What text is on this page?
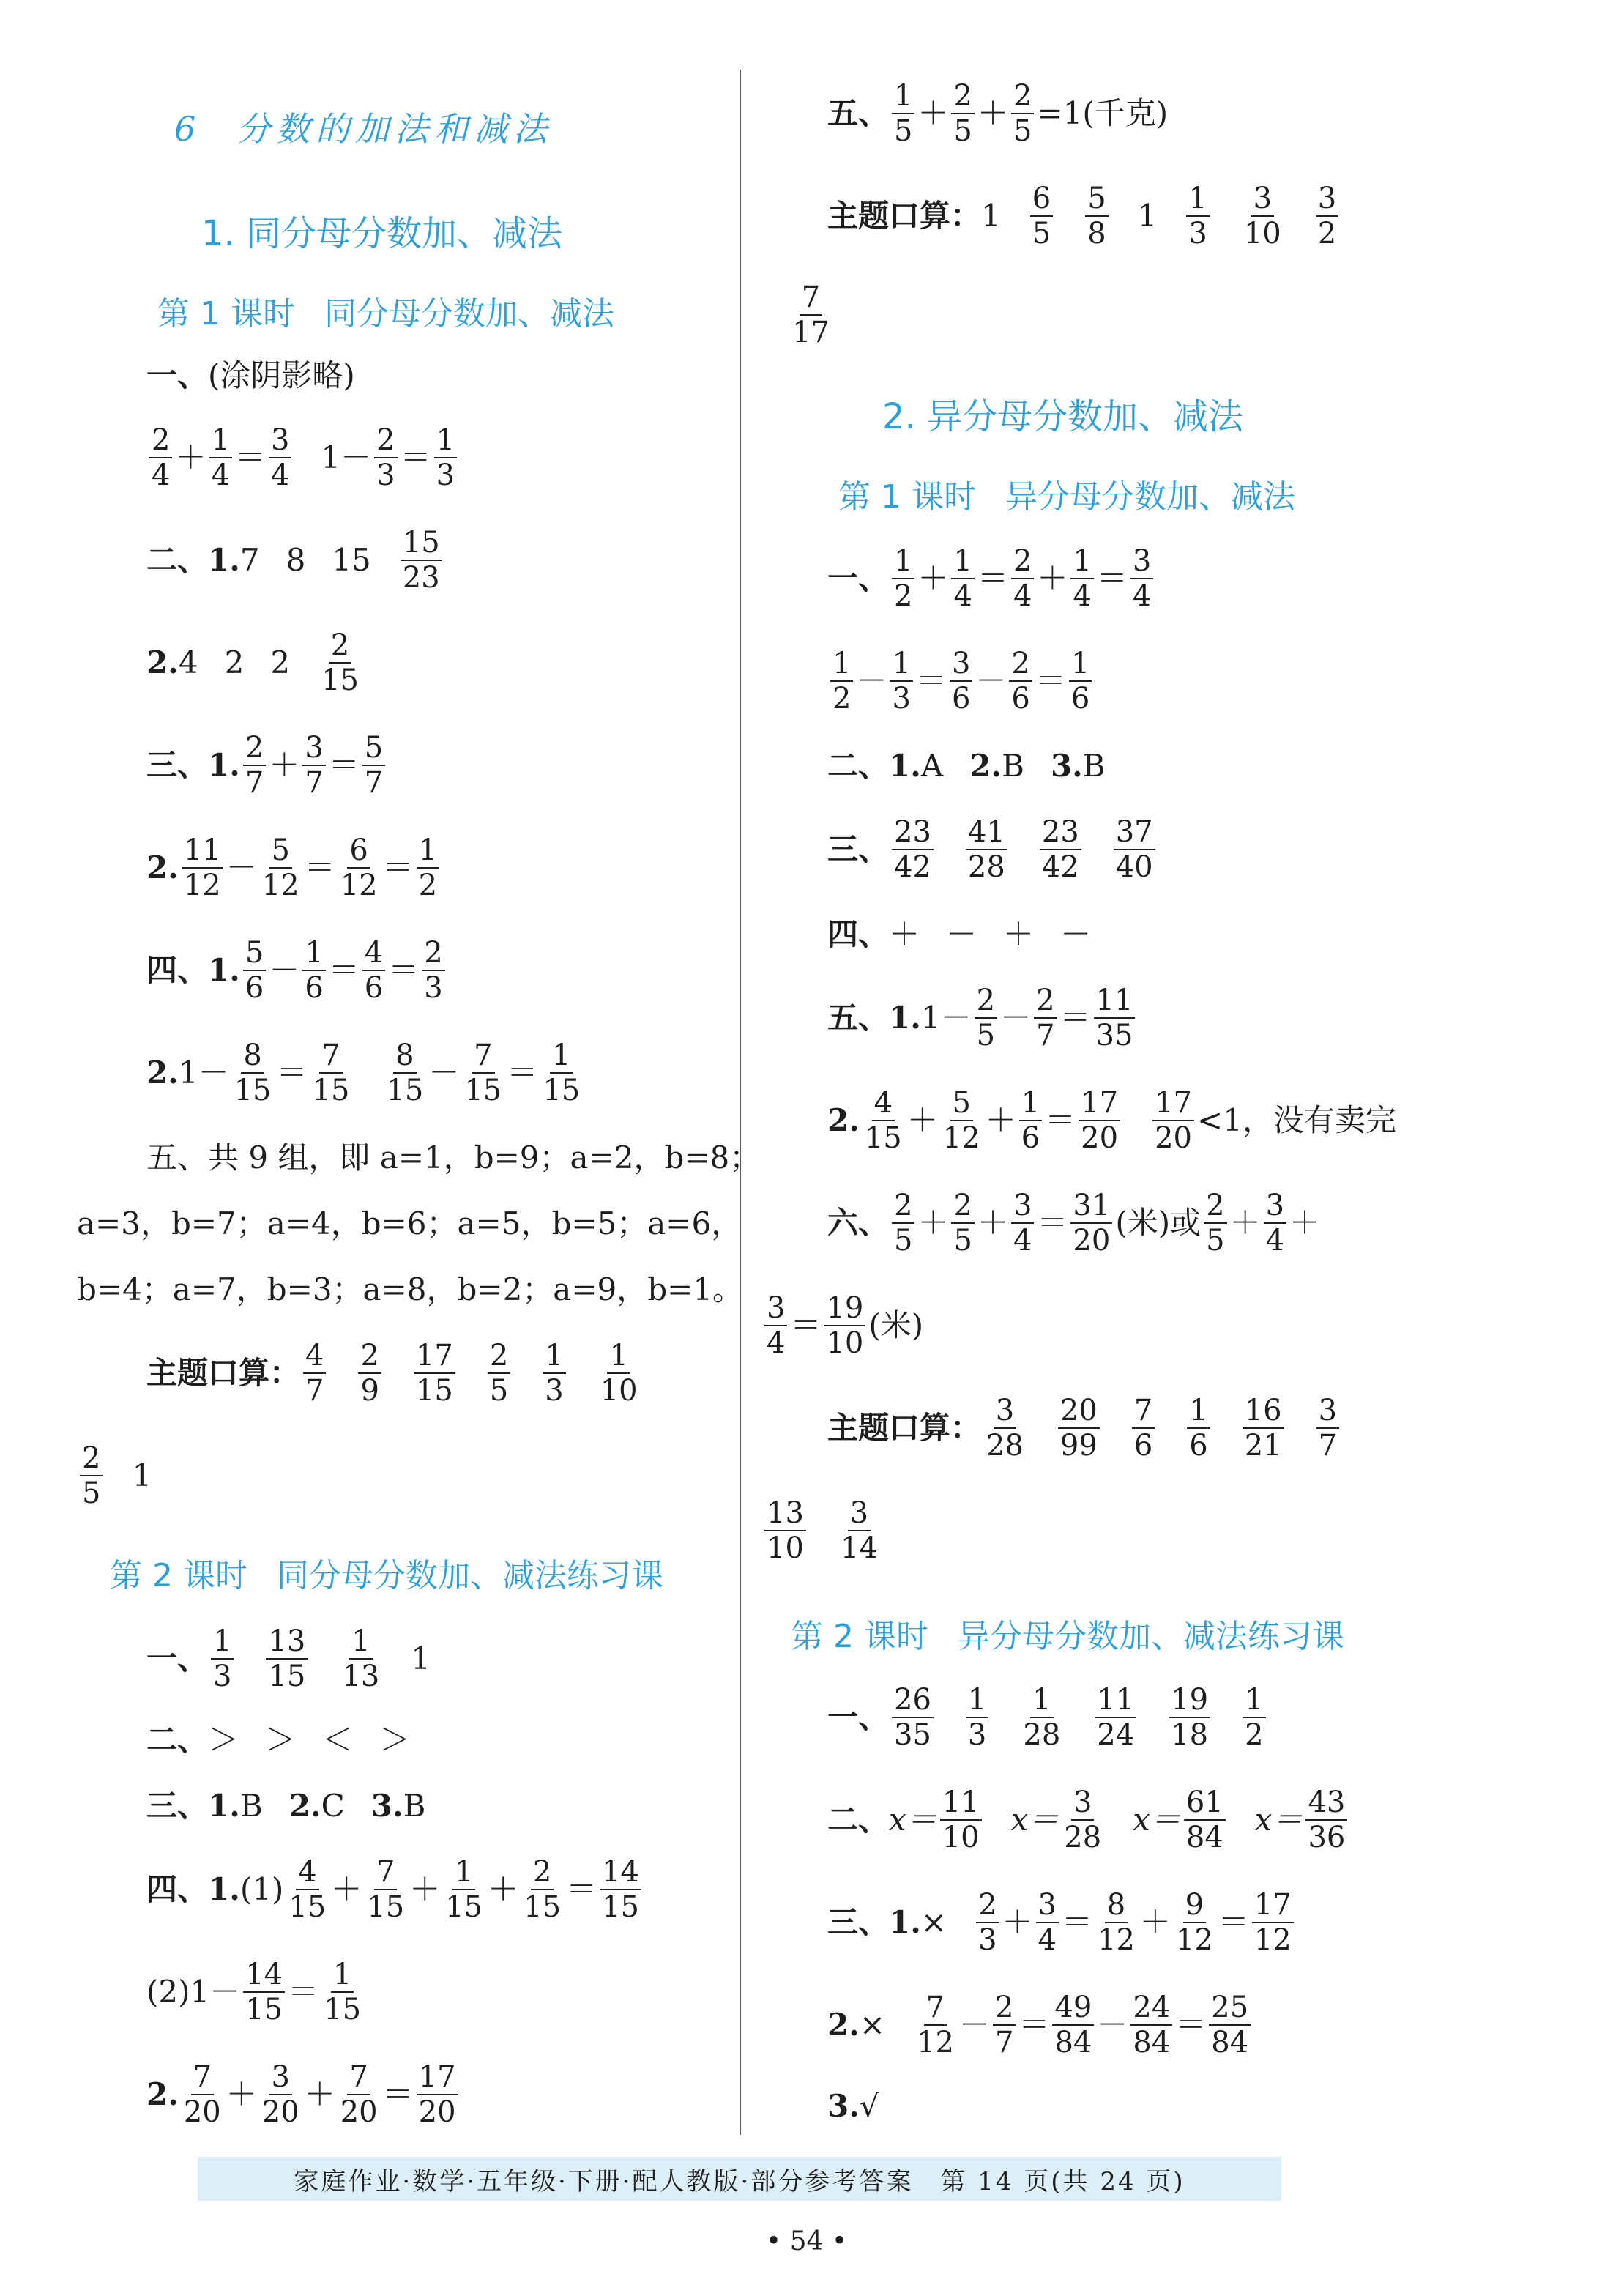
6 分数的加法和减法
1. 同分母分数加、减法
第 1 课时 同分母分数加、减法
一、 (涂阴影略)
$\frac{2}{4} + \frac{1}{4} = \frac{3}{4} 1 - \frac{2}{3} = \frac{1}{3}$
二、1. 7 8 $15 \frac{15}{23}$
2. 4 2 $2 \frac{2}{15}$
三、1. $\frac{2}{7} + \frac{3}{7} = \frac{5}{7}$
2. $\frac{11}{12} - \frac{5}{12} = \frac{6}{12} = \frac{1}{2}$
四、1. $\frac{5}{6} - \frac{1}{6} = \frac{4}{6} = \frac{2}{3}$
2. $1 - \frac{8}{15} = \frac{7}{15} \frac{8}{15} - \frac{7}{15} = \frac{1}{15}$
五、共 9 组，即 a=1，b=9；a=2，b=8；
a=3，b=7；a=4，b=6；a=5，b=5；a=6，
b=4；a=7，b=3；a=8，b=2；a=9，b=1。
主题口算： $\frac{4}{7} \frac{2}{9} \frac{17}{15} \frac{2}{5} \frac{1}{3} \frac{1}{10}$
$\frac{2}{5} 1$
第 2 课时 同分母分数加、减法练习课
一、 $\frac{1}{3} \frac{13}{15} \frac{1}{13} 1$
二、 ＞ ＞ ＜ ＞
三、1. B 2. C 3. B
四、1. $(1) \frac{4}{15} + \frac{7}{15} + \frac{1}{15} + \frac{2}{15} = \frac{14}{15}$
$(2)1 - \frac{14}{15} = \frac{1}{15}$
2. $\frac{7}{20} + \frac{3}{20} + \frac{7}{20} = \frac{17}{20}$
五、 $\frac{1}{5} + \frac{2}{5} + \frac{2}{5} =1$(千克)
主题口算： $1 \frac{6}{5} \frac{5}{8} 1 \frac{1}{3} \frac{3}{10} \frac{3}{2}$
$\frac{7}{17}$
2. 异分母分数加、减法
第 1 课时 异分母分数加、减法
一、 $\frac{1}{2} + \frac{1}{4} = \frac{2}{4} + \frac{1}{4} = \frac{3}{4}$
$\frac{1}{2} - \frac{1}{3} = \frac{3}{6} - \frac{2}{6} = \frac{1}{6}$
二、1. A 2. B 3. B
三、 $\frac{23}{42} \frac{41}{28} \frac{23}{42} \frac{37}{40}$
四、 ＋ － ＋ －
五、1. $1 - \frac{2}{5} - \frac{2}{7} = \frac{11}{35}$
2. $\frac{4}{15} + \frac{5}{12} + \frac{1}{6} = \frac{17}{20} \frac{17}{20} <1$，没有卖完
六、 $\frac{2}{5} + \frac{2}{5} + \frac{3}{4} = \frac{31}{20}$ (米)或 $\frac{2}{5} + \frac{3}{4}$ ＋
$\frac{3}{4} = \frac{19}{10}$ (米)
主题口算： $\frac{3}{28} \frac{20}{99} \frac{7}{6} \frac{1}{6} \frac{16}{21} \frac{3}{7}$
$\frac{13}{10} \frac{3}{14}$
第 2 课时 异分母分数加、减法练习课
一、 $\frac{26}{35} \frac{1}{3} \frac{1}{28} \frac{11}{24} \frac{19}{18} \frac{1}{2}$
二、 $x= \frac{11}{10} x= \frac{3}{28} x= \frac{61}{84} x= \frac{43}{36}$
三、1. × $\frac{2}{3} + \frac{3}{4} = \frac{8}{12} + \frac{9}{12} = \frac{17}{12}$
2. × $\frac{7}{12} - \frac{2}{7} = \frac{49}{84} - \frac{24}{84} = \frac{25}{84}$
3. √
家庭作业·数学·五年级·下册·配人教版·部分参考答案　第 14 页(共 24 页)
• 54 •
